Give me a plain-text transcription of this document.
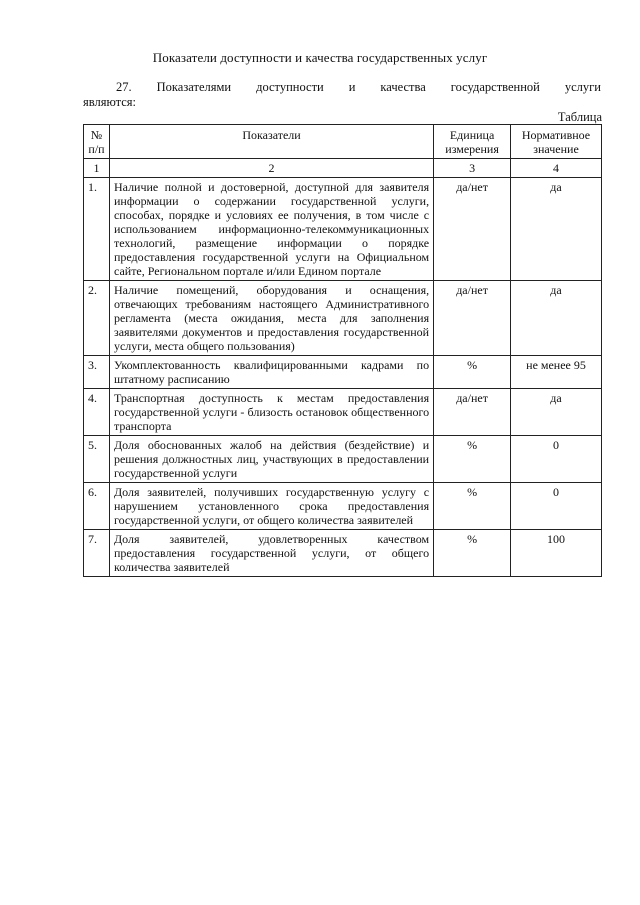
Показатели доступности и качества государственных услуг
27. Показателями доступности и качества государственной услуги
являются:
Таблица
№ п/п	Показатели	Единица измерения	Нормативное значение
1	2	3	4
1.	Наличие полной и достоверной, доступной для заявителя информации о содержании государственной услуги, способах, порядке и условиях ее получения, в том числе с использованием информационно-телекоммуникационных технологий, размещение информации о порядке предоставления государственной услуги на Официальном сайте, Региональном портале и/или Едином портале	да/нет	да
2.	Наличие помещений, оборудования и оснащения, отвечающих требованиям настоящего Административного регламента (места ожидания, места для заполнения заявителями документов и предоставления государственной услуги, места общего пользования)	да/нет	да
3.	Укомплектованность квалифицированными кадрами по штатному расписанию	%	не менее 95
4.	Транспортная доступность к местам предоставления государственной услуги - близость остановок общественного транспорта	да/нет	да
5.	Доля обоснованных жалоб на действия (бездействие) и решения должностных лиц, участвующих в предоставлении государственной услуги	%	0
6.	Доля заявителей, получивших государственную услугу с нарушением установленного срока предоставления государственной услуги, от общего количества заявителей	%	0
7.	Доля заявителей, удовлетворенных качеством предоставления государственной услуги, от общего количества заявителей	%	100
